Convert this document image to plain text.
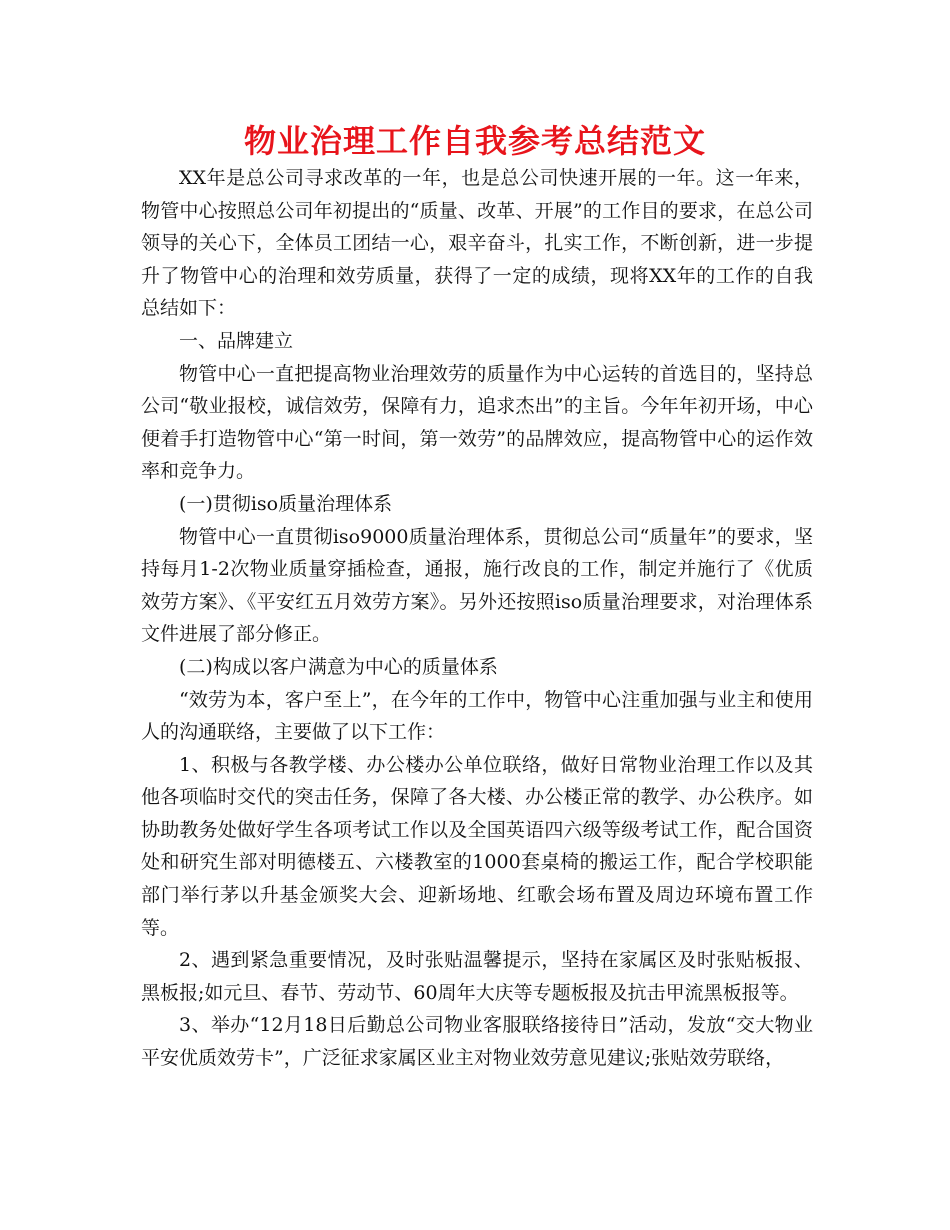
物业治理工作自我参考总结范文

XX年是总公司寻求改革的一年，也是总公司快速开展的一年。这一年来，物管中心按照总公司年初提出的“质量、改革、开展”的工作目的要求，在总公司领导的关心下，全体员工团结一心，艰辛奋斗，扎实工作，不断创新，进一步提升了物管中心的治理和效劳质量，获得了一定的成绩，现将XX年的工作的自我总结如下：

一、品牌建立

物管中心一直把提高物业治理效劳的质量作为中心运转的首选目的，坚持总公司“敬业报校，诚信效劳，保障有力，追求杰出”的主旨。今年年初开场，中心便着手打造物管中心“第一时间，第一效劳”的品牌效应，提高物管中心的运作效率和竞争力。

(一)贯彻iso质量治理体系

物管中心一直贯彻iso9000质量治理体系，贯彻总公司“质量年”的要求，坚持每月1-2次物业质量穿插检查，通报，施行改良的工作，制定并施行了《优质效劳方案》、《平安红五月效劳方案》。另外还按照iso质量治理要求，对治理体系文件进展了部分修正。

(二)构成以客户满意为中心的质量体系

“效劳为本，客户至上”，在今年的工作中，物管中心注重加强与业主和使用人的沟通联络，主要做了以下工作：

1、积极与各教学楼、办公楼办公单位联络，做好日常物业治理工作以及其他各项临时交代的突击任务，保障了各大楼、办公楼正常的教学、办公秩序。如协助教务处做好学生各项考试工作以及全国英语四六级等级考试工作，配合国资处和研究生部对明德楼五、六楼教室的1000套桌椅的搬运工作，配合学校职能部门举行茅以升基金颁奖大会、迎新场地、红歌会场布置及周边环境布置工作等。

2、遇到紧急重要情况，及时张贴温馨提示，坚持在家属区及时张贴板报、黑板报;如元旦、春节、劳动节、60周年大庆等专题板报及抗击甲流黑板报等。

3、举办“12月18日后勤总公司物业客服联络接待日”活动，发放“交大物业平安优质效劳卡”，广泛征求家属区业主对物业效劳意见建议;张贴效劳联络，
